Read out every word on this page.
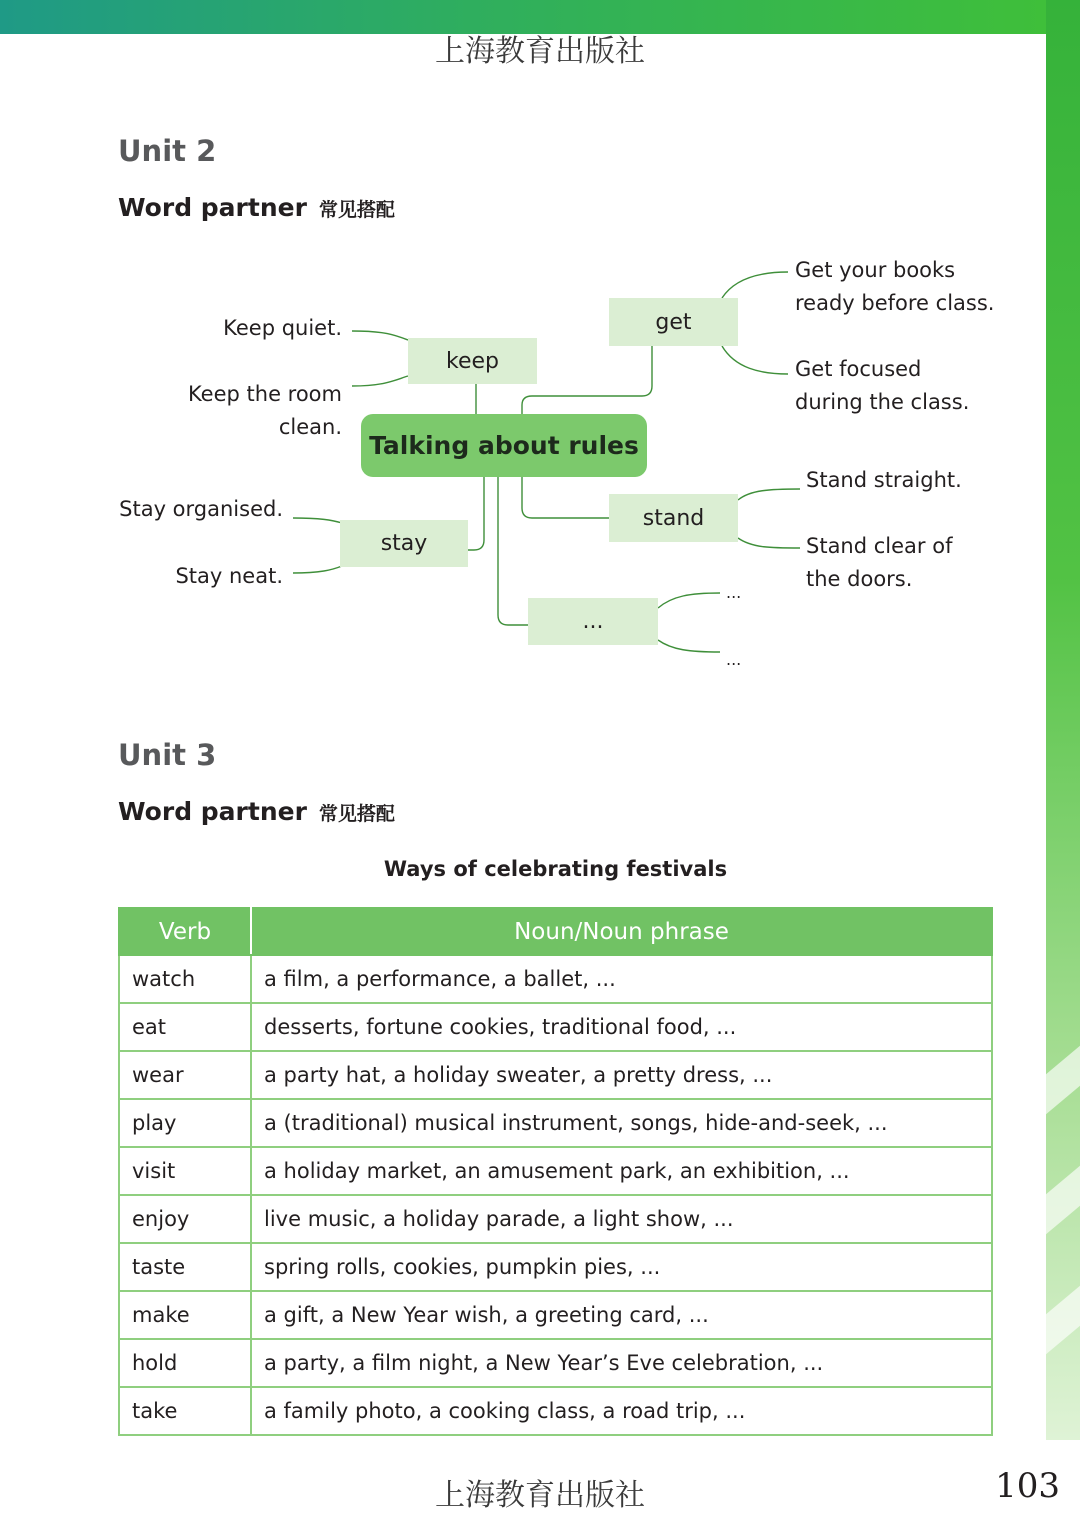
上海教育出版社
Unit 2
Word partner 常见搭配
keep
get
stay
stand
...
Talking about rules
Keep quiet.
Keep the room
clean.
Get your books
ready before class.
Get focused
during the class.
Stay organised.
Stay neat.
Stand straight.
Stand clear of
the doors.
...
...
Unit 3
Word partner 常见搭配
Ways of celebrating festivals
Verb	Noun/Noun phrase
watch	a film, a performance, a ballet, ...
eat	desserts, fortune cookies, traditional food, ...
wear	a party hat, a holiday sweater, a pretty dress, ...
play	a (traditional) musical instrument, songs, hide-and-seek, ...
visit	a holiday market, an amusement park, an exhibition, ...
enjoy	live music, a holiday parade, a light show, ...
taste	spring rolls, cookies, pumpkin pies, ...
make	a gift, a New Year wish, a greeting card, ...
hold	a party, a film night, a New Year’s Eve celebration, ...
take	a family photo, a cooking class, a road trip, ...
上海教育出版社	103
